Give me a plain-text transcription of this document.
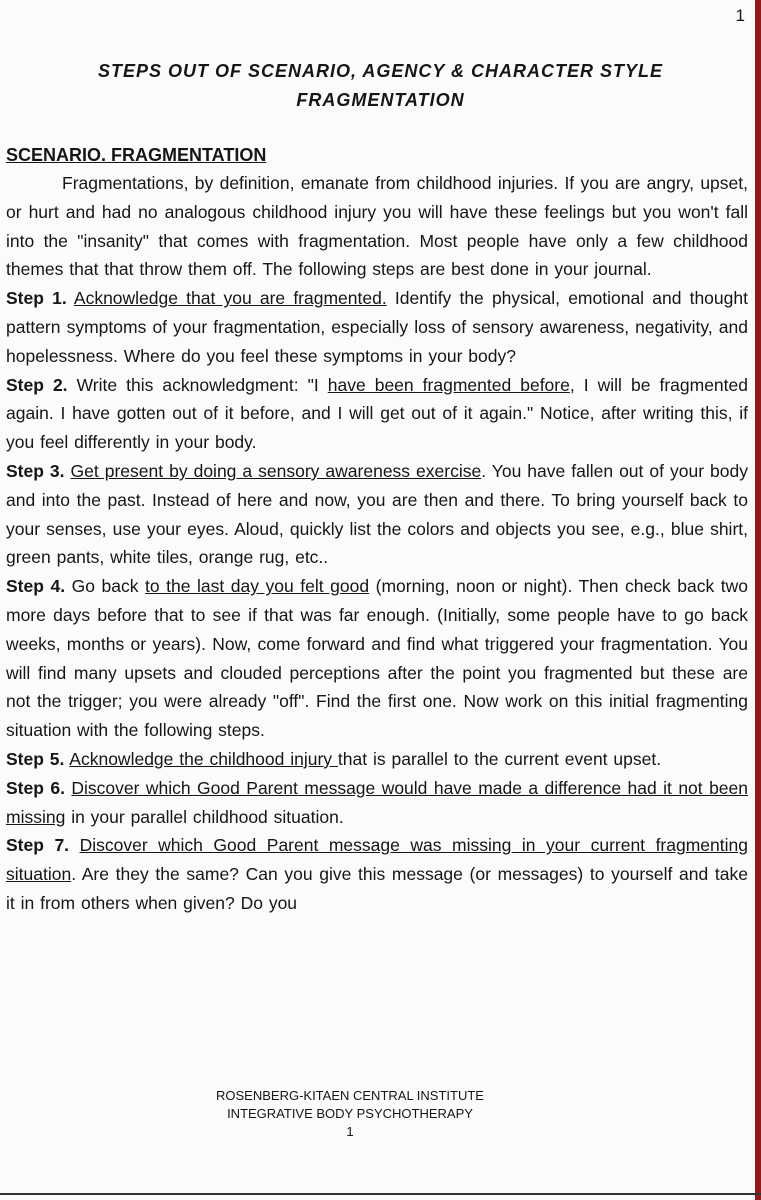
1
STEPS OUT OF SCENARIO, AGENCY & CHARACTER STYLE
FRAGMENTATION
SCENARIO. FRAGMENTATION

Fragmentations, by definition, emanate from childhood injuries. If you are angry, upset, or hurt and had no analogous childhood injury you will have these feelings but you won't fall into the "insanity" that comes with fragmentation. Most people have only a few childhood themes that that throw them off. The following steps are best done in your journal.

Step 1. Acknowledge that you are fragmented. Identify the physical, emotional and thought pattern symptoms of your fragmentation, especially loss of sensory awareness, negativity, and hopelessness. Where do you feel these symptoms in your body?

Step 2. Write this acknowledgment: "I have been fragmented before, I will be fragmented again. I have gotten out of it before, and I will get out of it again." Notice, after writing this, if you feel differently in your body.

Step 3. Get present by doing a sensory awareness exercise. You have fallen out of your body and into the past. Instead of here and now, you are then and there. To bring yourself back to your senses, use your eyes. Aloud, quickly list the colors and objects you see, e.g., blue shirt, green pants, white tiles, orange rug, etc..

Step 4. Go back to the last day you felt good (morning, noon or night). Then check back two more days before that to see if that was far enough. (Initially, some people have to go back weeks, months or years). Now, come forward and find what triggered your fragmentation. You will find many upsets and clouded perceptions after the point you fragmented but these are not the trigger; you were already "off". Find the first one. Now work on this initial fragmenting situation with the following steps.

Step 5. Acknowledge the childhood injury that is parallel to the current event upset.

Step 6. Discover which Good Parent message would have made a difference had it not been missing in your parallel childhood situation.

Step 7. Discover which Good Parent message was missing in your current fragmenting situation. Are they the same? Can you give this message (or messages) to yourself and take it in from others when given? Do you

ROSENBERG-KITAEN CENTRAL INSTITUTE
INTEGRATIVE BODY PSYCHOTHERAPY
1
